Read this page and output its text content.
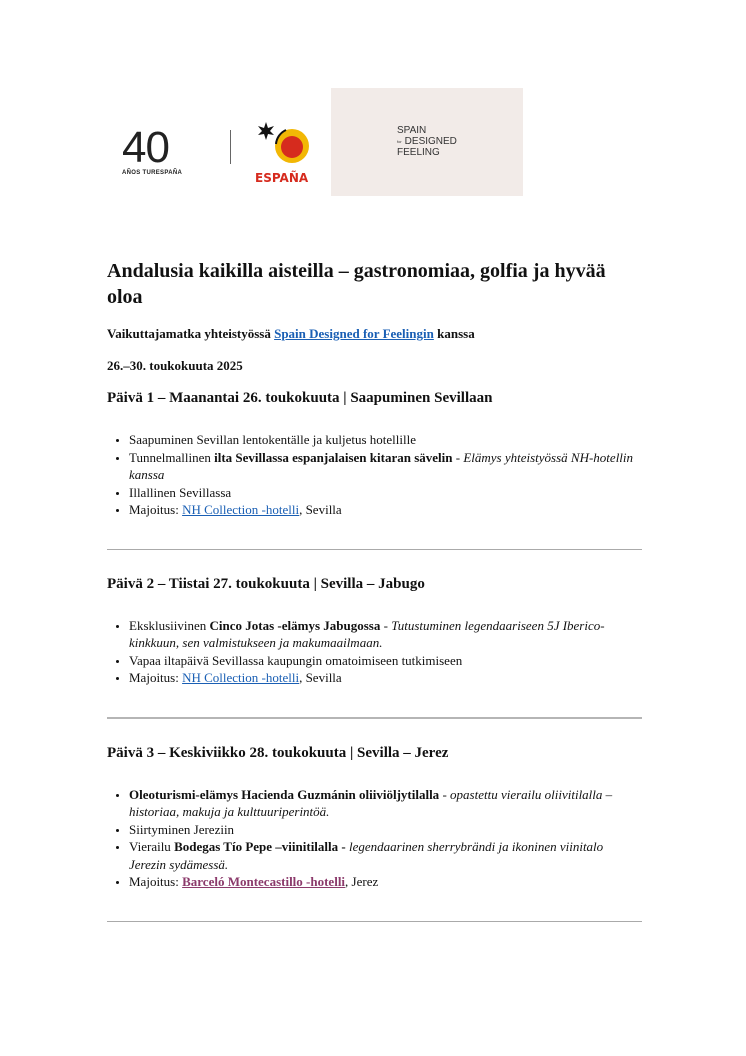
40
AÑOS TURESPAÑA	ESPAÑA
SPAIN
for DESIGNED
FEELING
Andalusia kaikilla aisteilla – gastronomiaa, golfia ja hyvää oloa

Vaikuttajamatka yhteistyössä Spain Designed for Feelingin kanssa

26.–30. toukokuuta 2025

Päivä 1 – Maanantai 26. toukokuuta | Saapuminen Sevillaan
• Saapuminen Sevillan lentokentälle ja kuljetus hotellille
• Tunnelmallinen ilta Sevillassa espanjalaisen kitaran sävelin - Elämys yhteistyössä NH-hotellin kanssa
• Illallinen Sevillassa
• Majoitus: NH Collection -hotelli, Sevilla
Päivä 2 – Tiistai 27. toukokuuta | Sevilla – Jabugo
• Eksklusiivinen Cinco Jotas -elämys Jabugossa - Tutustuminen legendaariseen 5J Iberico-kinkkuun, sen valmistukseen ja makumaailmaan.
• Vapaa iltapäivä Sevillassa kaupungin omatoimiseen tutkimiseen
• Majoitus: NH Collection -hotelli, Sevilla
Päivä 3 – Keskiviikko 28. toukokuuta | Sevilla – Jerez
• Oleoturismi-elämys Hacienda Guzmánin oliiviöljytilalla - opastettu vierailu oliivitilalla – historiaa, makuja ja kulttuuriperintöä.
• Siirtyminen Jereziin
• Vierailu Bodegas Tío Pepe –viinitilalla - legendaarinen sherrybrändi ja ikoninen viinitalo Jerezin sydämessä.
• Majoitus: Barceló Montecastillo -hotelli, Jerez
